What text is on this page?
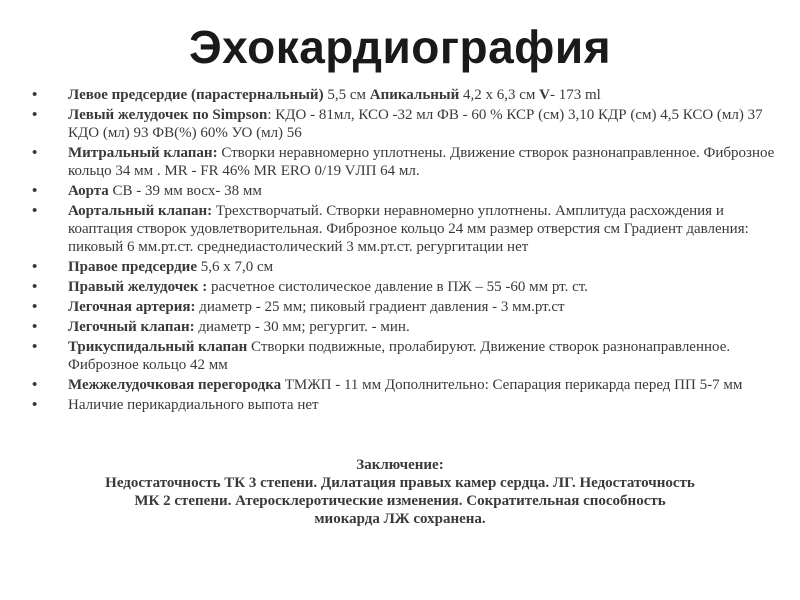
Эхокардиография
• Левое предсердие (парастернальный) 5,5 см Апикальный 4,2 х 6,3 см V- 173 ml
• Левый желудочек по Simpson: КДО - 81мл, КСО -32 мл ФВ - 60 % КСР (см) 3,10 КДР (см) 4,5 КСО (мл) 37 КДО (мл) 93 ФВ(%) 60% УО (мл) 56
• Митральный клапан: Створки неравномерно уплотнены. Движение створок разнонаправленное. Фиброзное кольцо 34 мм . MR - FR 46% MR ERO 0/19 VЛП 64 мл.
• Аорта СВ - 39 мм восх- 38 мм
• Аортальный клапан: Трехстворчатый. Створки неравномерно уплотнены. Амплитуда расхождения и коаптация створок удовлетворительная. Фиброзное кольцо 24 мм размер отверстия см Градиент давления: пиковый 6 мм.рт.ст. среднедиастолический 3 мм.рт.ст. регургитации нет
• Правое предсердие 5,6 х 7,0 см
• Правый желудочек : расчетное систолическое давление в ПЖ – 55 -60 мм рт. ст.
• Легочная артерия: диаметр - 25 мм; пиковый градиент давления - 3 мм.рт.ст
• Легочный клапан: диаметр - 30 мм; регургит. - мин.
• Трикуспидальный клапан Створки подвижные, пролабируют. Движение створок разнонаправленное. Фиброзное кольцо 42 мм
• Межжелудочковая перегородка ТМЖП - 11 мм Дополнительно: Сепарация перикарда перед ПП 5-7 мм
• Наличие перикардиального выпота нет
Заключение:
Недостаточность ТК 3 степени. Дилатация правых камер сердца. ЛГ. Недостаточность
МК 2 степени. Атеросклеротические изменения. Сократительная способность
миокарда ЛЖ сохранена.
